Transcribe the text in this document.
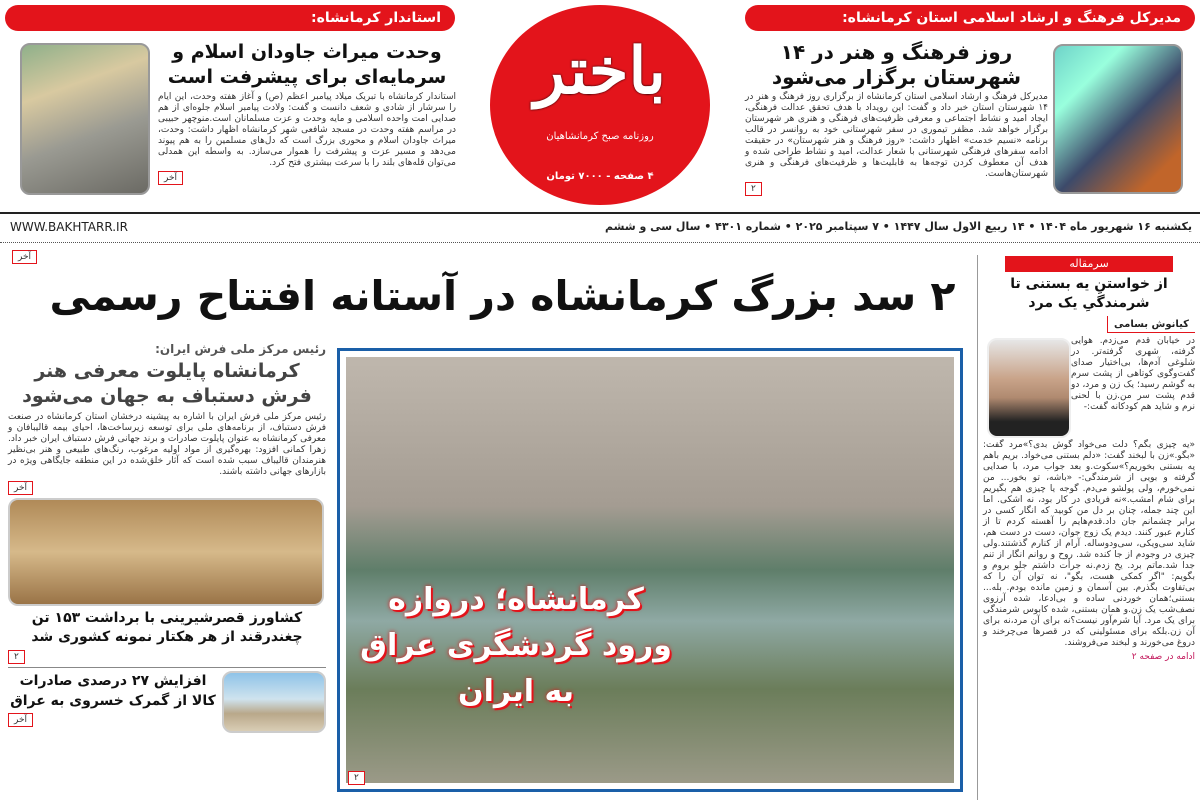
مدیرکل فرهنگ و ارشاد اسلامی استان کرمانشاه:
روز فرهنگ و هنر در ۱۴ شهرستان برگزار می‌شود
مدیرکل فرهنگ و ارشاد اسلامی استان کرمانشاه از برگزاری روز فرهنگ و هنر در ۱۴ شهرستان استان خبر داد و گفت: این رویداد با هدف تحقق عدالت فرهنگی، ایجاد امید و نشاط اجتماعی و معرفی ظرفیت‌های فرهنگی و هنری هر شهرستان برگزار خواهد شد. مظفر تیموری در سفر شهرستانی خود به روانسر در قالب برنامه «نسیم خدمت» اظهار داشت: «روز فرهنگ و هنر شهرستان» در حقیقت ادامه سفرهای فرهنگی شهرستانی با شعار عدالت، امید و نشاط طراحی شده و هدف آن معطوف کردن توجه‌ها به قابلیت‌ها و ظرفیت‌های فرهنگی و هنری شهرستان‌هاست.
۲
استاندار کرمانشاه:
وحدت میراث جاودان اسلام و سرمایه‌ای برای پیشرفت است
استاندار کرمانشاه با تبریک میلاد پیامبر اعظم (ص) و آغاز هفته وحدت، این ایام را سرشار از شادی و شعف دانست و گفت: ولادت پیامبر اسلام جلوه‌ای از هم صدایی امت واحده اسلامی و مایه وحدت و عزت مسلمانان است.منوچهر حبیبی در مراسم هفته وحدت در مسجد شافعی شهر کرمانشاه اظهار داشت: وحدت، میراث جاودان اسلام و محوری بزرگ است که دل‌های مسلمین را به هم پیوند می‌دهد و مسیر عزت و پیشرفت را هموار می‌سازد. به واسطه این همدلی می‌توان قله‌های بلند را با سرعت بیشتری فتح کرد.
آخر
باختر
روزنامه صبح کرمانشاهیان
۴ صفحه - ۷۰۰۰ تومان
یکشنبه ۱۶ شهریور ماه ۱۴۰۴ • ۱۴ ربیع الاول سال ۱۴۴۷ • ۷ سپتامبر ۲۰۲۵ • شماره ۴۳۰۱ • سال سی و ششم
WWW.BAKHTARR.IR
آخر
۲ سد بزرگ کرمانشاه در آستانه افتتاح رسمی
کرمانشاه؛ دروازه ورود گردشگری عراق به ایران
۲
رئیس مرکز ملی فرش ایران:
کرمانشاه پایلوت معرفی هنر فرش دستباف به جهان می‌شود
رئیس مرکز ملی فرش ایران با اشاره به پیشینه درخشان استان کرمانشاه در صنعت فرش دستباف، از برنامه‌های ملی برای توسعه زیرساخت‌ها، احیای بیمه قالیبافان و معرفی کرمانشاه به عنوان پایلوت صادرات و برند جهانی فرش دستباف ایران خبر داد. زهرا کمانی افزود: بهره‌گیری از مواد اولیه مرغوب، رنگ‌های طبیعی و هنر بی‌نظیر هنرمندان قالیباف سبب شده است که آثار خلق‌شده در این منطقه جایگاهی ویژه در بازارهای جهانی داشته باشند.
آخر
کشاورز قصرشیرینی با برداشت ۱۵۳ تن چغندرقند از هر هکتار نمونه کشوری شد
۲
افزایش ۲۷ درصدی صادرات کالا از گمرک خسروی به عراق
آخر
سرمقاله
از خواستنِ یه بستنی تا شرمندگیِ یک مرد
کیانوش بسامی
در خیابان قدم می‌زدم. هوایی گرفته، شهری گرفته‌تر. در شلوغی آدم‌ها، بی‌اختیار صدای گفت‌وگوی کوتاهی از پشت سرم به گوشم رسید؛ یک زن و مرد، دو قدم پشت سر من.زن با لحنی نرم و شاید هم کودکانه گفت:-
«یه چیزی بگم؟ دلت می‌خواد گوش بدی؟»مرد گفت: «بگو.»زن با لبخند گفت: «دلم بستنی می‌خواد. بریم باهم یه بستنی بخوریم؟»سکوت.و بعد جواب مرد، با صدایی گرفته و بویی از شرمندگی:- «باشه، تو بخور... من نمی‌خورم، ولی پولشو می‌دم. گوجه یا چیزی هم بگیریم برای شام امشب.»نه فریادی در کار بود، نه اشکی. اما این چند جمله، چنان بر دل من کوبید که انگار کسی در برابر چشمانم جان داد.قدم‌هایم را آهسته کردم تا از کنارم عبور کنند. دیدم یک زوج جوان، دست در دست هم، شاید سی‌ویکی، سی‌ودوساله. آرام از کنارم گذشتند.ولی چیزی در وجودم از جا کنده شد. روح و روانم انگار از تنم جدا شد.ماتم برد. یخ زدم.نه جرأت داشتم جلو بروم و بگویم: "اگر کمکی هست، بگو"، نه توان آن را که بی‌تفاوت بگذرم. بین آسمان و زمین مانده بودم. بله... بستنی؛همان خوردنی ساده و بی‌ادعا، شده آرزوی نصف‌شب یک زن.و همان بستنی، شده کابوس شرمندگی برای یک مرد. آیا شرم‌آور نیست؟نه برای آن مرد،نه برای آن زن.بلکه برای مسئولینی که در قصرها می‌چرخند و دروغ می‌خورند و لبخند می‌فروشند.
ادامه در صفحه ۲
